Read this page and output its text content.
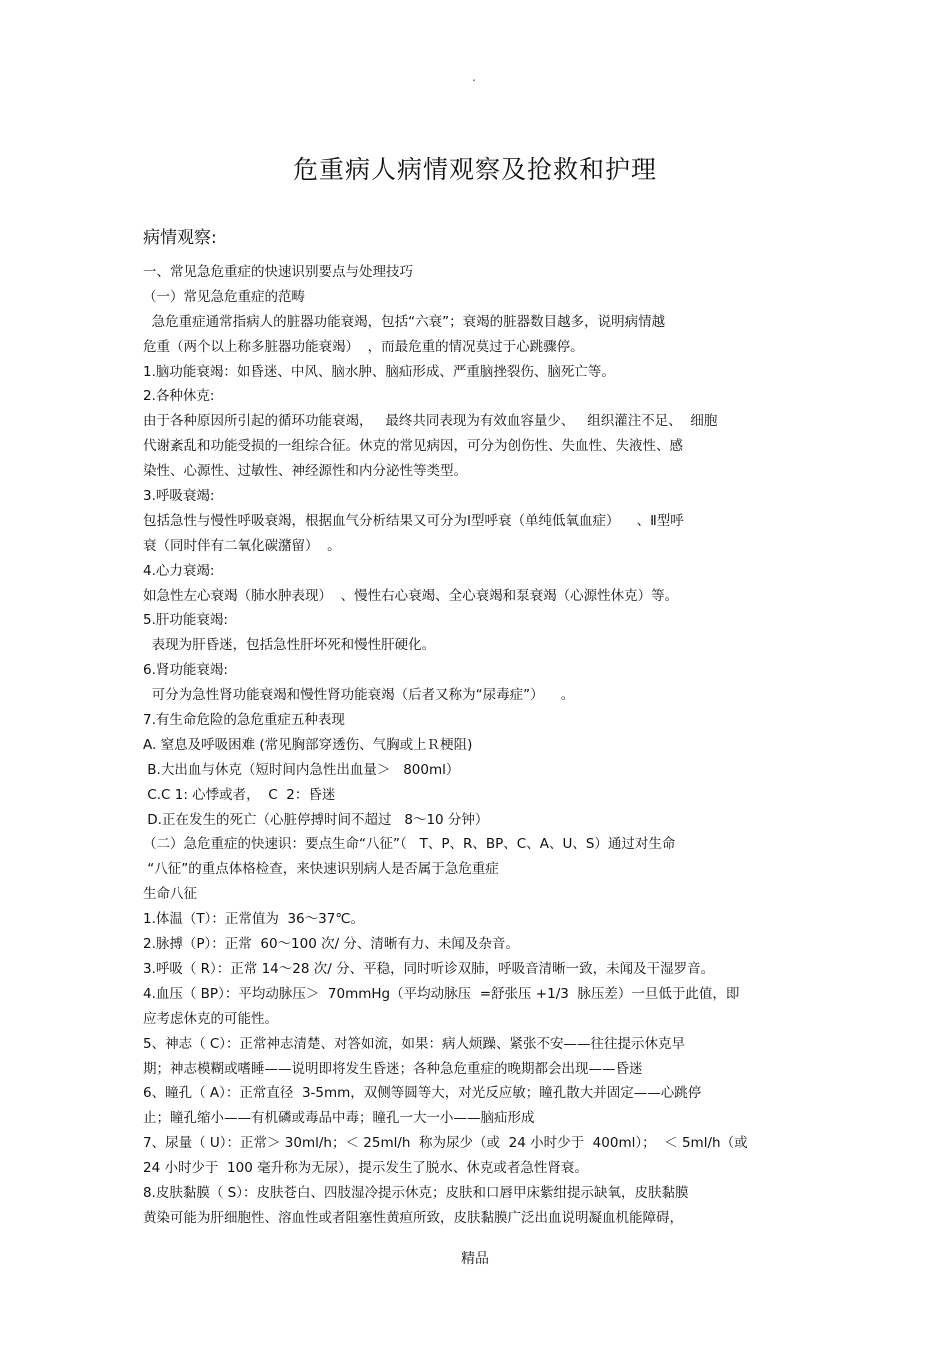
.
危重病人病情观察及抢救和护理
病情观察:
一、常见急危重症的快速识别要点与处理技巧
（一）常见急危重症的范畴
急危重症通常指病人的脏器功能衰竭，包括“六衰”；衰竭的脏器数目越多，说明病情越
危重（两个以上称多脏器功能衰竭）  ，而最危重的情况莫过于心跳骤停。
1.脑功能衰竭：如昏迷、中风、脑水肿、脑疝形成、严重脑挫裂伤、脑死亡等。
2.各种休克:
由于各种原因所引起的循环功能衰竭，   最终共同表现为有效血容量少、   组织灌注不足、  细胞
代谢紊乱和功能受损的一组综合征。休克的常见病因，可分为创伤性、失血性、失液性、感
染性、心源性、过敏性、神经源性和内分泌性等类型。
3.呼吸衰竭:
包括急性与慢性呼吸衰竭，根据血气分析结果又可分为Ⅰ型呼衰（单纯低氧血症）    、Ⅱ型呼
衰（同时伴有二氧化碳潴留）  。
4.心力衰竭:
如急性左心衰竭（肺水肿表现）  、慢性右心衰竭、全心衰竭和泵衰竭（心源性休克）等。
5.肝功能衰竭:
表现为肝昏迷，包括急性肝坏死和慢性肝硬化。
6.肾功能衰竭:
可分为急性肾功能衰竭和慢性肾功能衰竭（后者又称为“尿毒症”）    。
7.有生命危险的急危重症五种表现
A. 窒息及呼吸困难 (常见胸部穿透伤、气胸或上Ｒ梗阻)
B.大出血与休克（短时间内急性出血量＞   800ml）
C.C 1: 心悸或者，  C  2：昏迷
D.正在发生的死亡（心脏停搏时间不超过   8～10 分钟）
（二）急危重症的快速识：要点生命“八征”（   T、P、R、BP、C、A、U、S）通过对生命
“八征”的重点体格检查，来快速识别病人是否属于急危重症
生命八征
1.体温（T）：正常值为  36～37℃。
2.脉搏（P）：正常  60～100 次/ 分、清晰有力、未闻及杂音。
3.呼吸（ R）：正常 14～28 次/ 分、平稳，同时听诊双肺，呼吸音清晰一致，未闻及干湿罗音。
4.血压（ BP）：平均动脉压＞  70mmHg（平均动脉压  =舒张压 +1/3  脉压差）一旦低于此值，即
应考虑休克的可能性。
5、神志（ C）：正常神志清楚、对答如流，如果：病人烦躁、紧张不安——往往提示休克早
期；神志模糊或嗜睡——说明即将发生昏迷；各种急危重症的晚期都会出现——昏迷
6、瞳孔（ A）：正常直径  3-5mm，双侧等圆等大，对光反应敏；瞳孔散大并固定——心跳停
止；瞳孔缩小——有机磷或毒品中毒；瞳孔一大一小——脑疝形成
7、尿量（ U）：正常＞ 30ml/h；＜ 25ml/h  称为尿少（或  24 小时少于  400ml）；  ＜ 5ml/h（或
24 小时少于  100 毫升称为无尿），提示发生了脱水、休克或者急性肾衰。
8.皮肤黏膜（ S）：皮肤苍白、四肢湿冷提示休克；皮肤和口唇甲床紫绀提示缺氧，皮肤黏膜
黄染可能为肝细胞性、溶血性或者阻塞性黄疸所致，皮肤黏膜广泛出血说明凝血机能障碍，
精品
